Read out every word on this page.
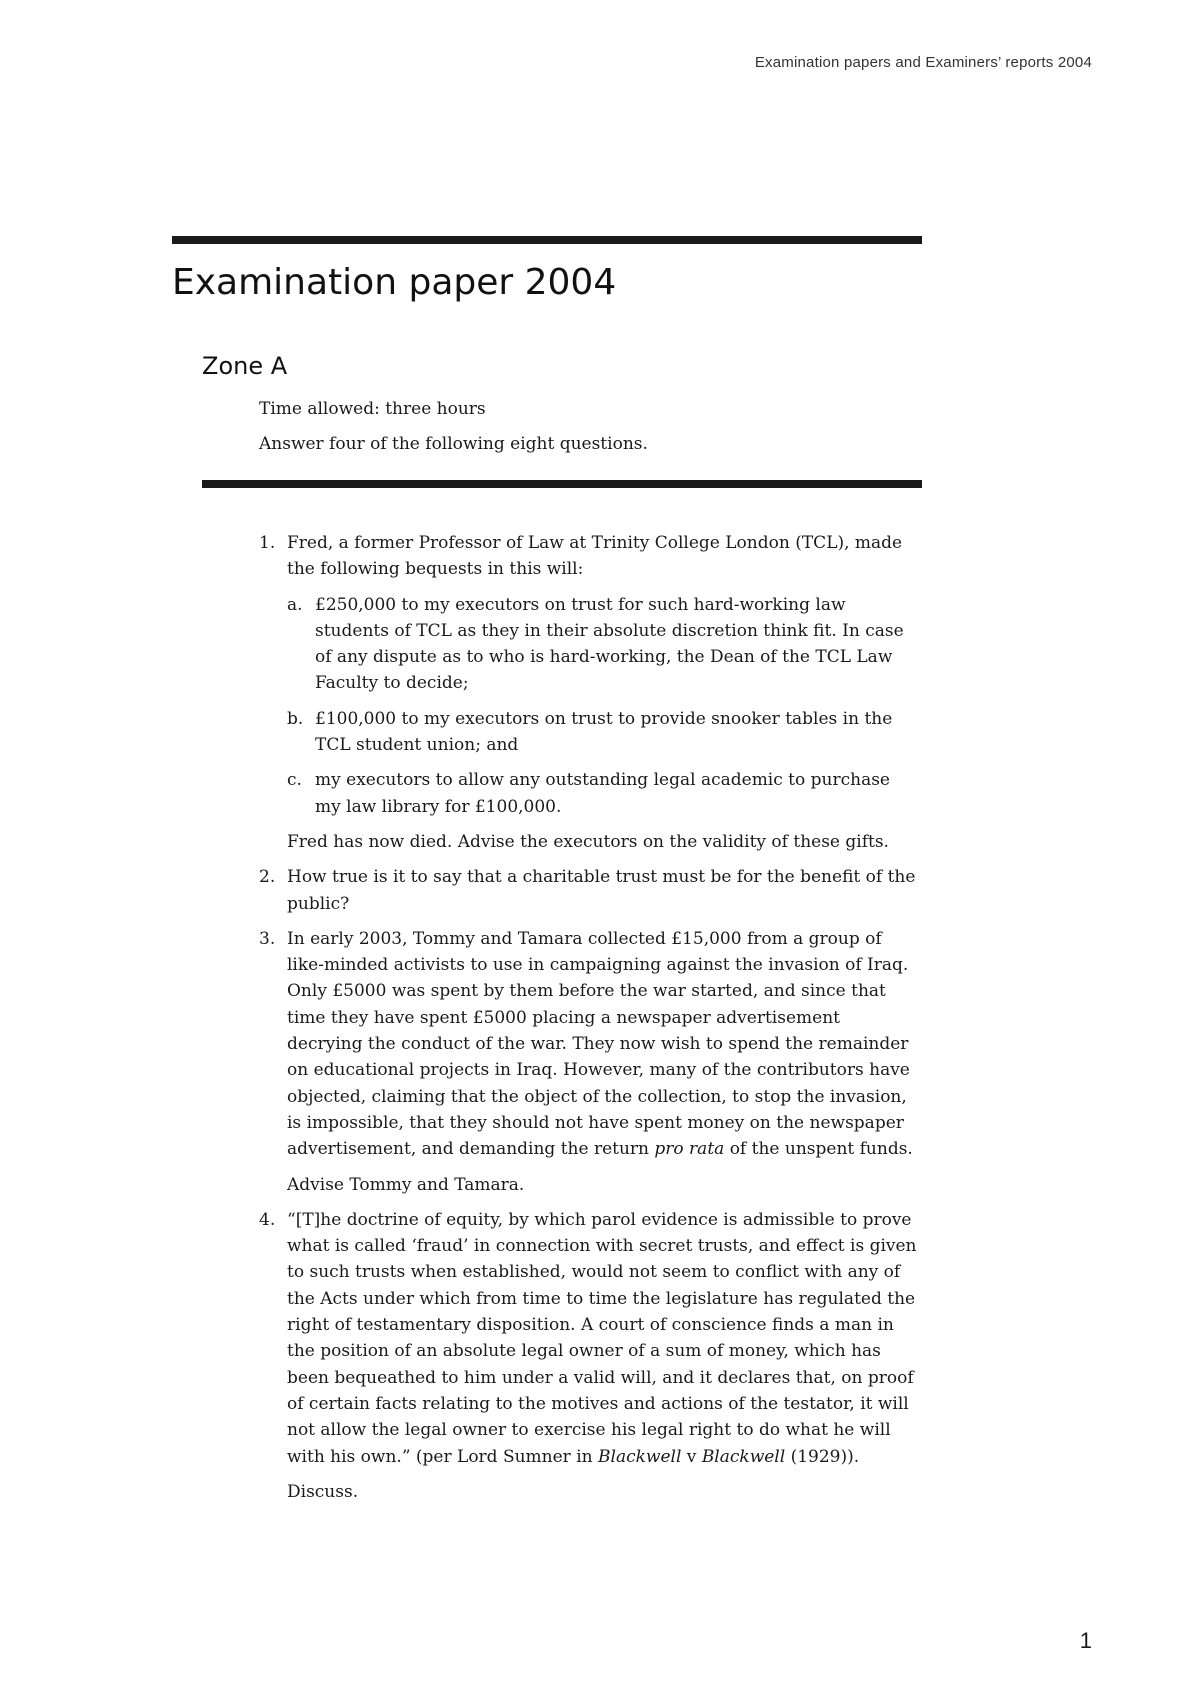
Examination papers and Examiners’ reports 2004
Examination paper 2004
Zone A

Time allowed: three hours

Answer four of the following eight questions.

1. Fred, a former Professor of Law at Trinity College London (TCL), made the following bequests in this will:

a. £250,000 to my executors on trust for such hard-working law students of TCL as they in their absolute discretion think fit. In case of any dispute as to who is hard-working, the Dean of the TCL Law Faculty to decide;
b. £100,000 to my executors on trust to provide snooker tables in the TCL student union; and
c. my executors to allow any outstanding legal academic to purchase my law library for £100,000.

Fred has now died. Advise the executors on the validity of these gifts.

2. How true is it to say that a charitable trust must be for the benefit of the public?

3. In early 2003, Tommy and Tamara collected £15,000 from a group of like-minded activists to use in campaigning against the invasion of Iraq. Only £5000 was spent by them before the war started, and since that time they have spent £5000 placing a newspaper advertisement decrying the conduct of the war. They now wish to spend the remainder on educational projects in Iraq. However, many of the contributors have objected, claiming that the object of the collection, to stop the invasion, is impossible, that they should not have spent money on the newspaper advertisement, and demanding the return pro rata of the unspent funds.

Advise Tommy and Tamara.

4. “[T]he doctrine of equity, by which parol evidence is admissible to prove what is called ‘fraud’ in connection with secret trusts, and effect is given to such trusts when established, would not seem to conflict with any of the Acts under which from time to time the legislature has regulated the right of testamentary disposition. A court of conscience finds a man in the position of an absolute legal owner of a sum of money, which has been bequeathed to him under a valid will, and it declares that, on proof of certain facts relating to the motives and actions of the testator, it will not allow the legal owner to exercise his legal right to do what he will with his own.” (per Lord Sumner in Blackwell v Blackwell (1929)).

Discuss.

1
